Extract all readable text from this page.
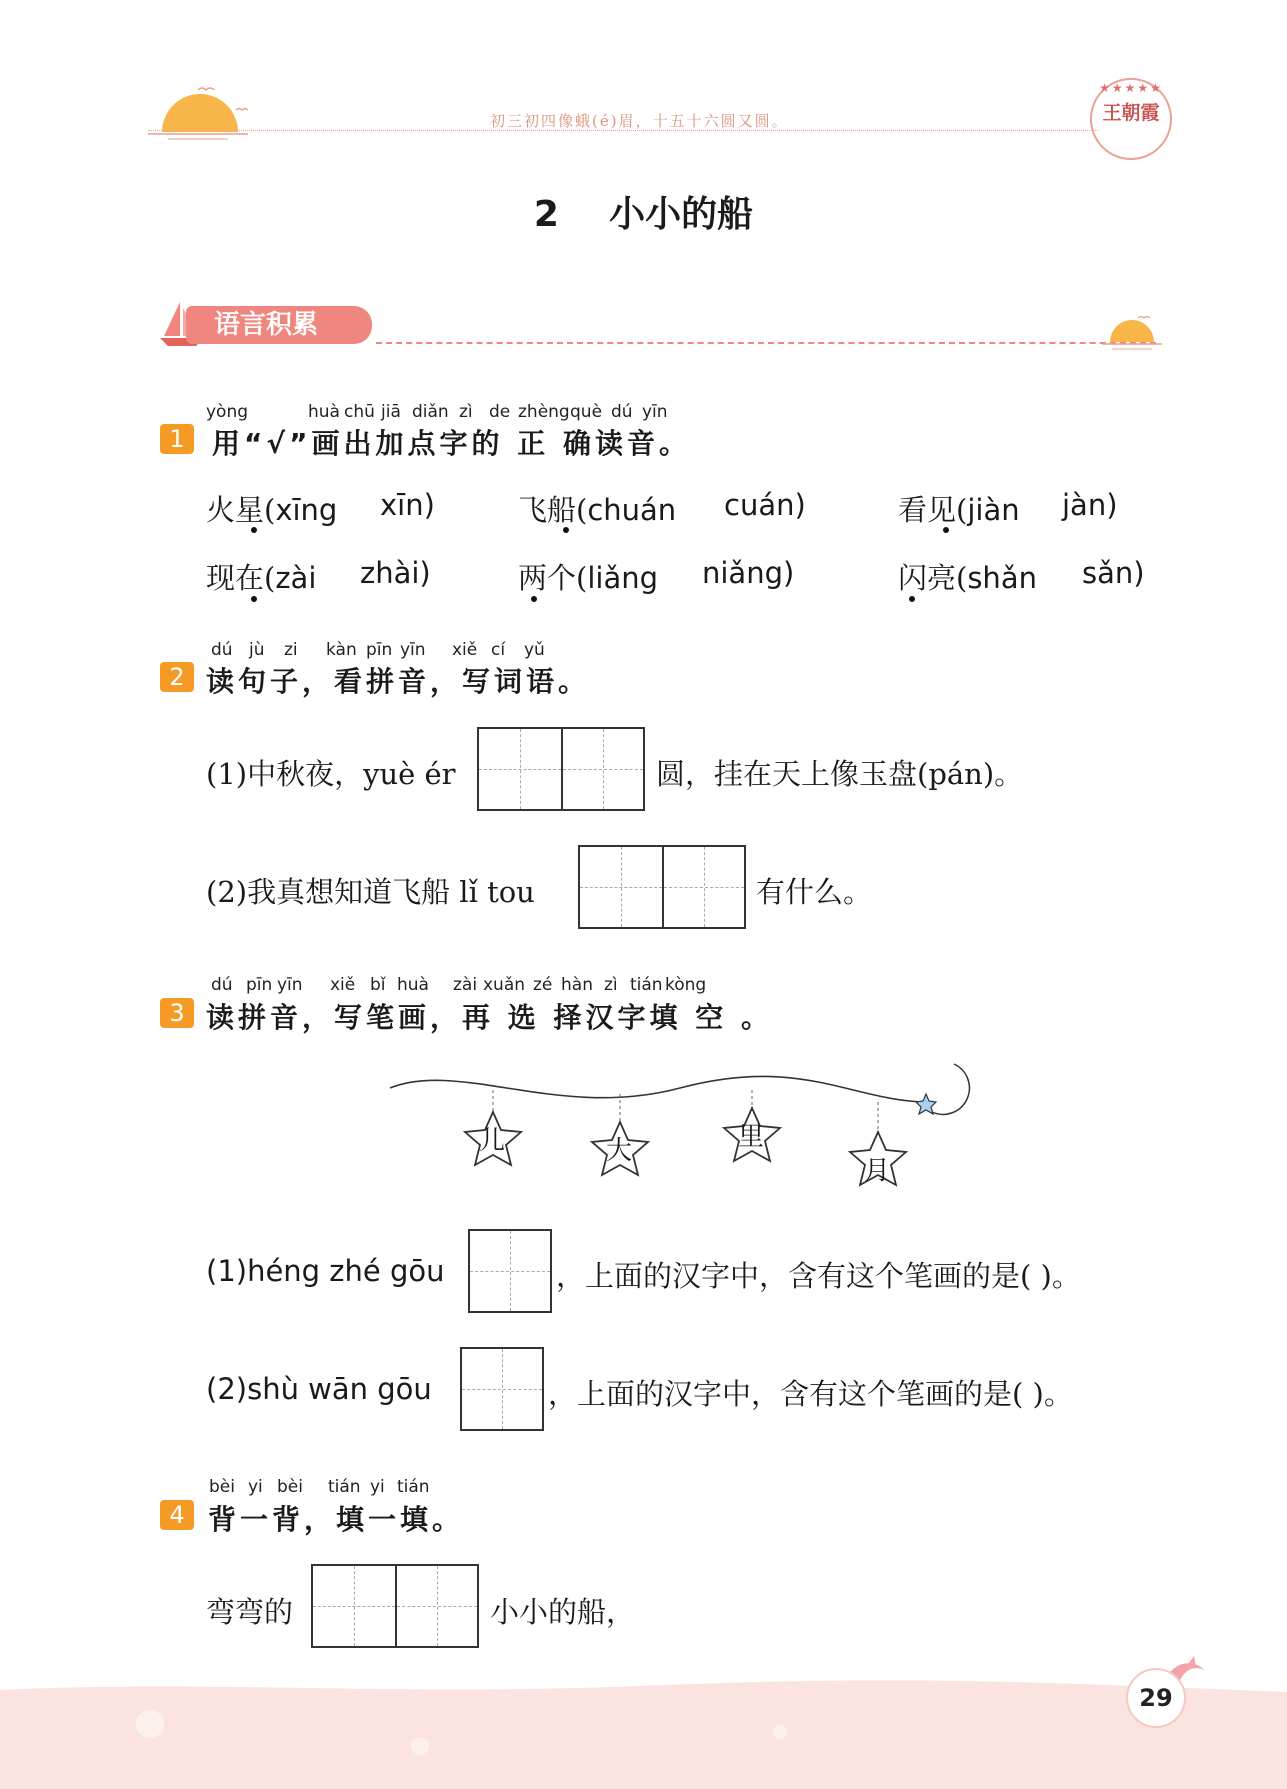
初三初四像蛾(é)眉，十五十六圆又圆。
★★★★★
王朝霞
2 小小的船
语言积累
yòng	huà chū jiā diǎn zì de zhèng què dú yīn
1 用“√”画出加点字的 正 确读音。
火星(xīng xīn)	飞船(chuán cuán)	看见(jiàn jàn)
现在(zài zhài)	两个(liǎng niǎng)	闪亮(shǎn sǎn)
dú jù zi kàn pīn yīn xiě cí yǔ
2 读句子，看拼音，写词语。
(1)中秋夜，yuè ér	圆，挂在天上像玉盘(pán)。
(2)我真想知道飞船 lǐ tou	有什么。
dú pīn yīn xiě bǐ huà zài xuǎn zé hàn zì tián kòng
3 读拼音，写笔画，再 选 择汉字填 空 。
儿	大	里
月
(1)héng zhé gōu	，上面的汉字中，含有这个笔画的是( )。
(2)shù wān gōu	，上面的汉字中，含有这个笔画的是( )。
bèi yi bèi tián yi tián
4 背一背，填一填。
弯弯的	小小的船，
29
